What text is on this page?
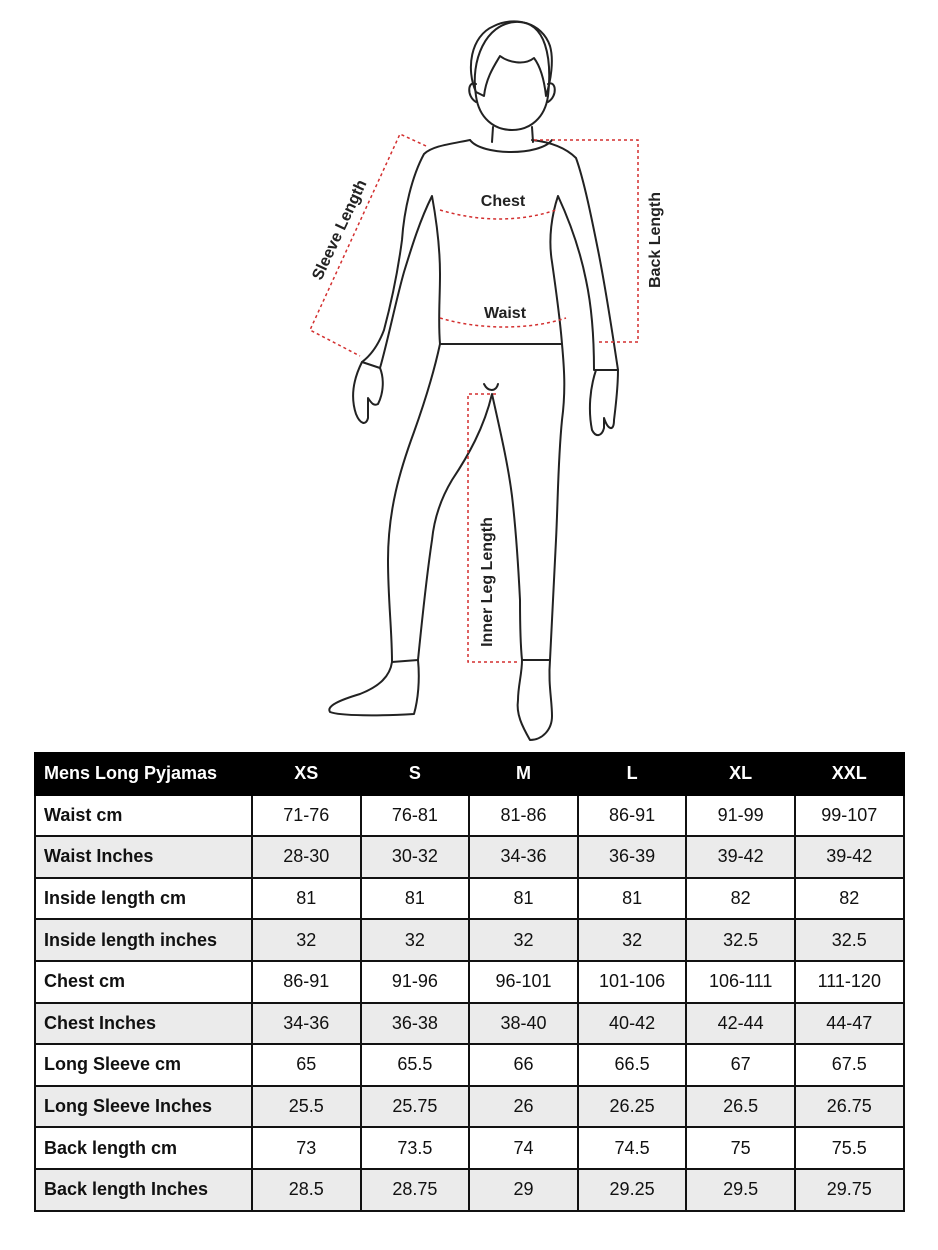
Chest
Waist
Sleeve Length	Back Length
Inner Leg Length
Mens Long Pyjamas	XS	S	M	L	XL	XXL
Waist cm	71-76	76-81	81-86	86-91	91-99	99-107
Waist Inches	28-30	30-32	34-36	36-39	39-42	39-42
Inside length cm	81	81	81	81	82	82
Inside length inches	32	32	32	32	32.5	32.5
Chest cm	86-91	91-96	96-101	101-106	106-111	111-120
Chest Inches	34-36	36-38	38-40	40-42	42-44	44-47
Long Sleeve cm	65	65.5	66	66.5	67	67.5
Long Sleeve Inches	25.5	25.75	26	26.25	26.5	26.75
Back length cm	73	73.5	74	74.5	75	75.5
Back length Inches	28.5	28.75	29	29.25	29.5	29.75
